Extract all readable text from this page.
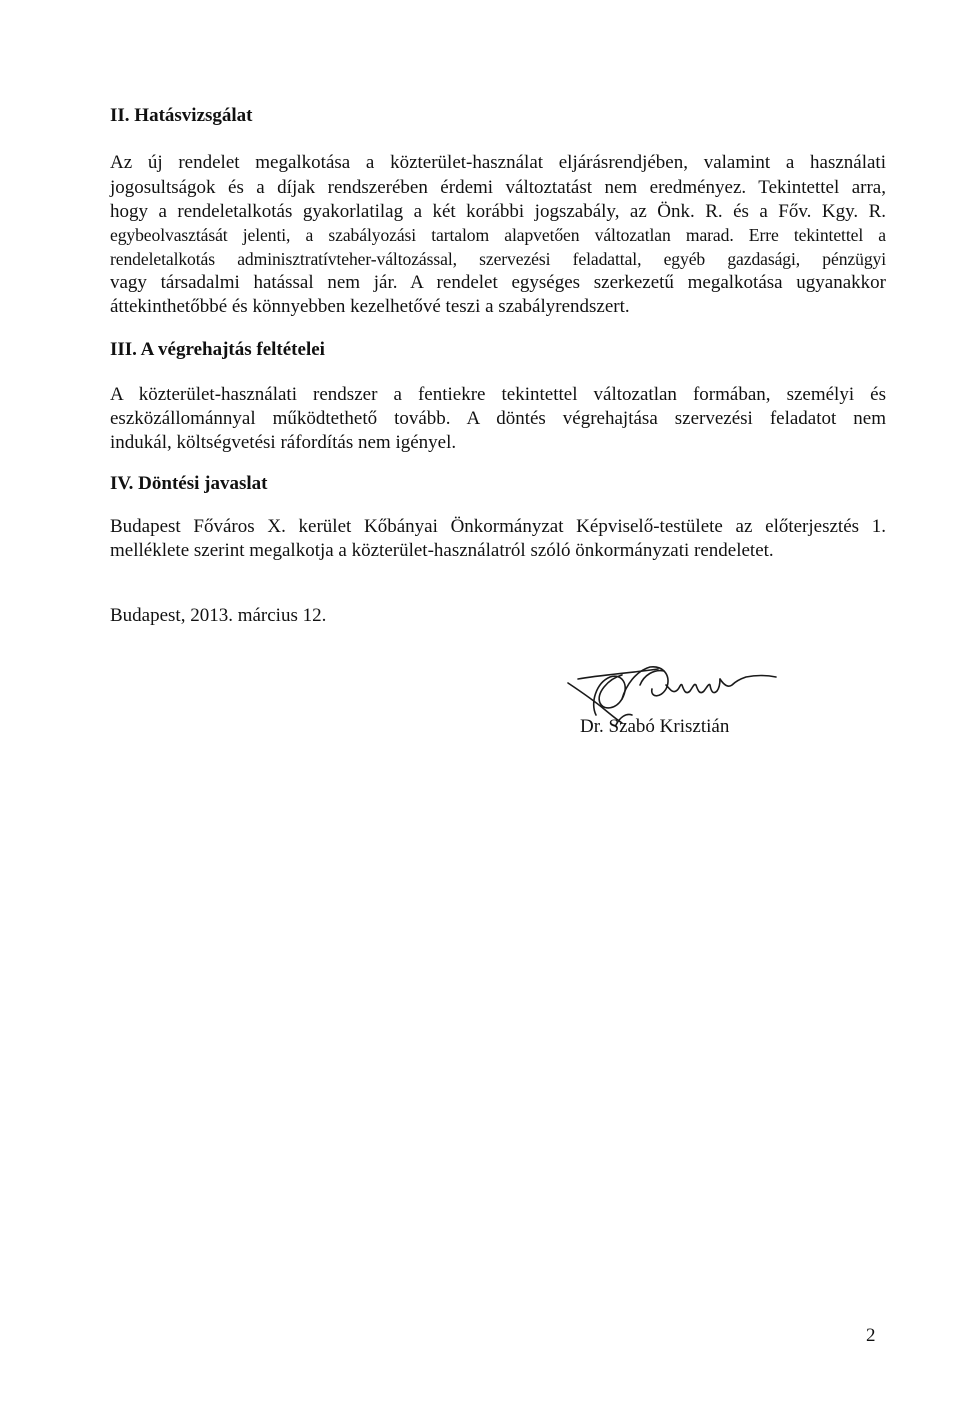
II. Hatásvizsgálat
Az új rendelet megalkotása a közterület-használat eljárásrendjében, valamint a használati
jogosultságok és a díjak rendszerében érdemi változtatást nem eredményez. Tekintettel arra,
hogy a rendeletalkotás gyakorlatilag a két korábbi jogszabály, az Önk. R. és a Főv. Kgy. R.
egybeolvasztását jelenti, a szabályozási tartalom alapvetően változatlan marad. Erre tekintettel a
rendeletalkotás adminisztratívteher-változással, szervezési feladattal, egyéb gazdasági, pénzügyi
vagy társadalmi hatással nem jár. A rendelet egységes szerkezetű megalkotása ugyanakkor
áttekinthetőbbé és könnyebben kezelhetővé teszi a szabályrendszert.
III. A végrehajtás feltételei
A közterület-használati rendszer a fentiekre tekintettel változatlan formában, személyi és
eszközállománnyal működtethető tovább. A döntés végrehajtása szervezési feladatot nem
indukál, költségvetési ráfordítás nem igényel.
IV. Döntési javaslat
Budapest Főváros X. kerület Kőbányai Önkormányzat Képviselő-testülete az előterjesztés 1.
melléklete szerint megalkotja a közterület-használatról szóló önkormányzati rendeletet.
Budapest, 2013. március 12.
Dr. Szabó Krisztián
2
